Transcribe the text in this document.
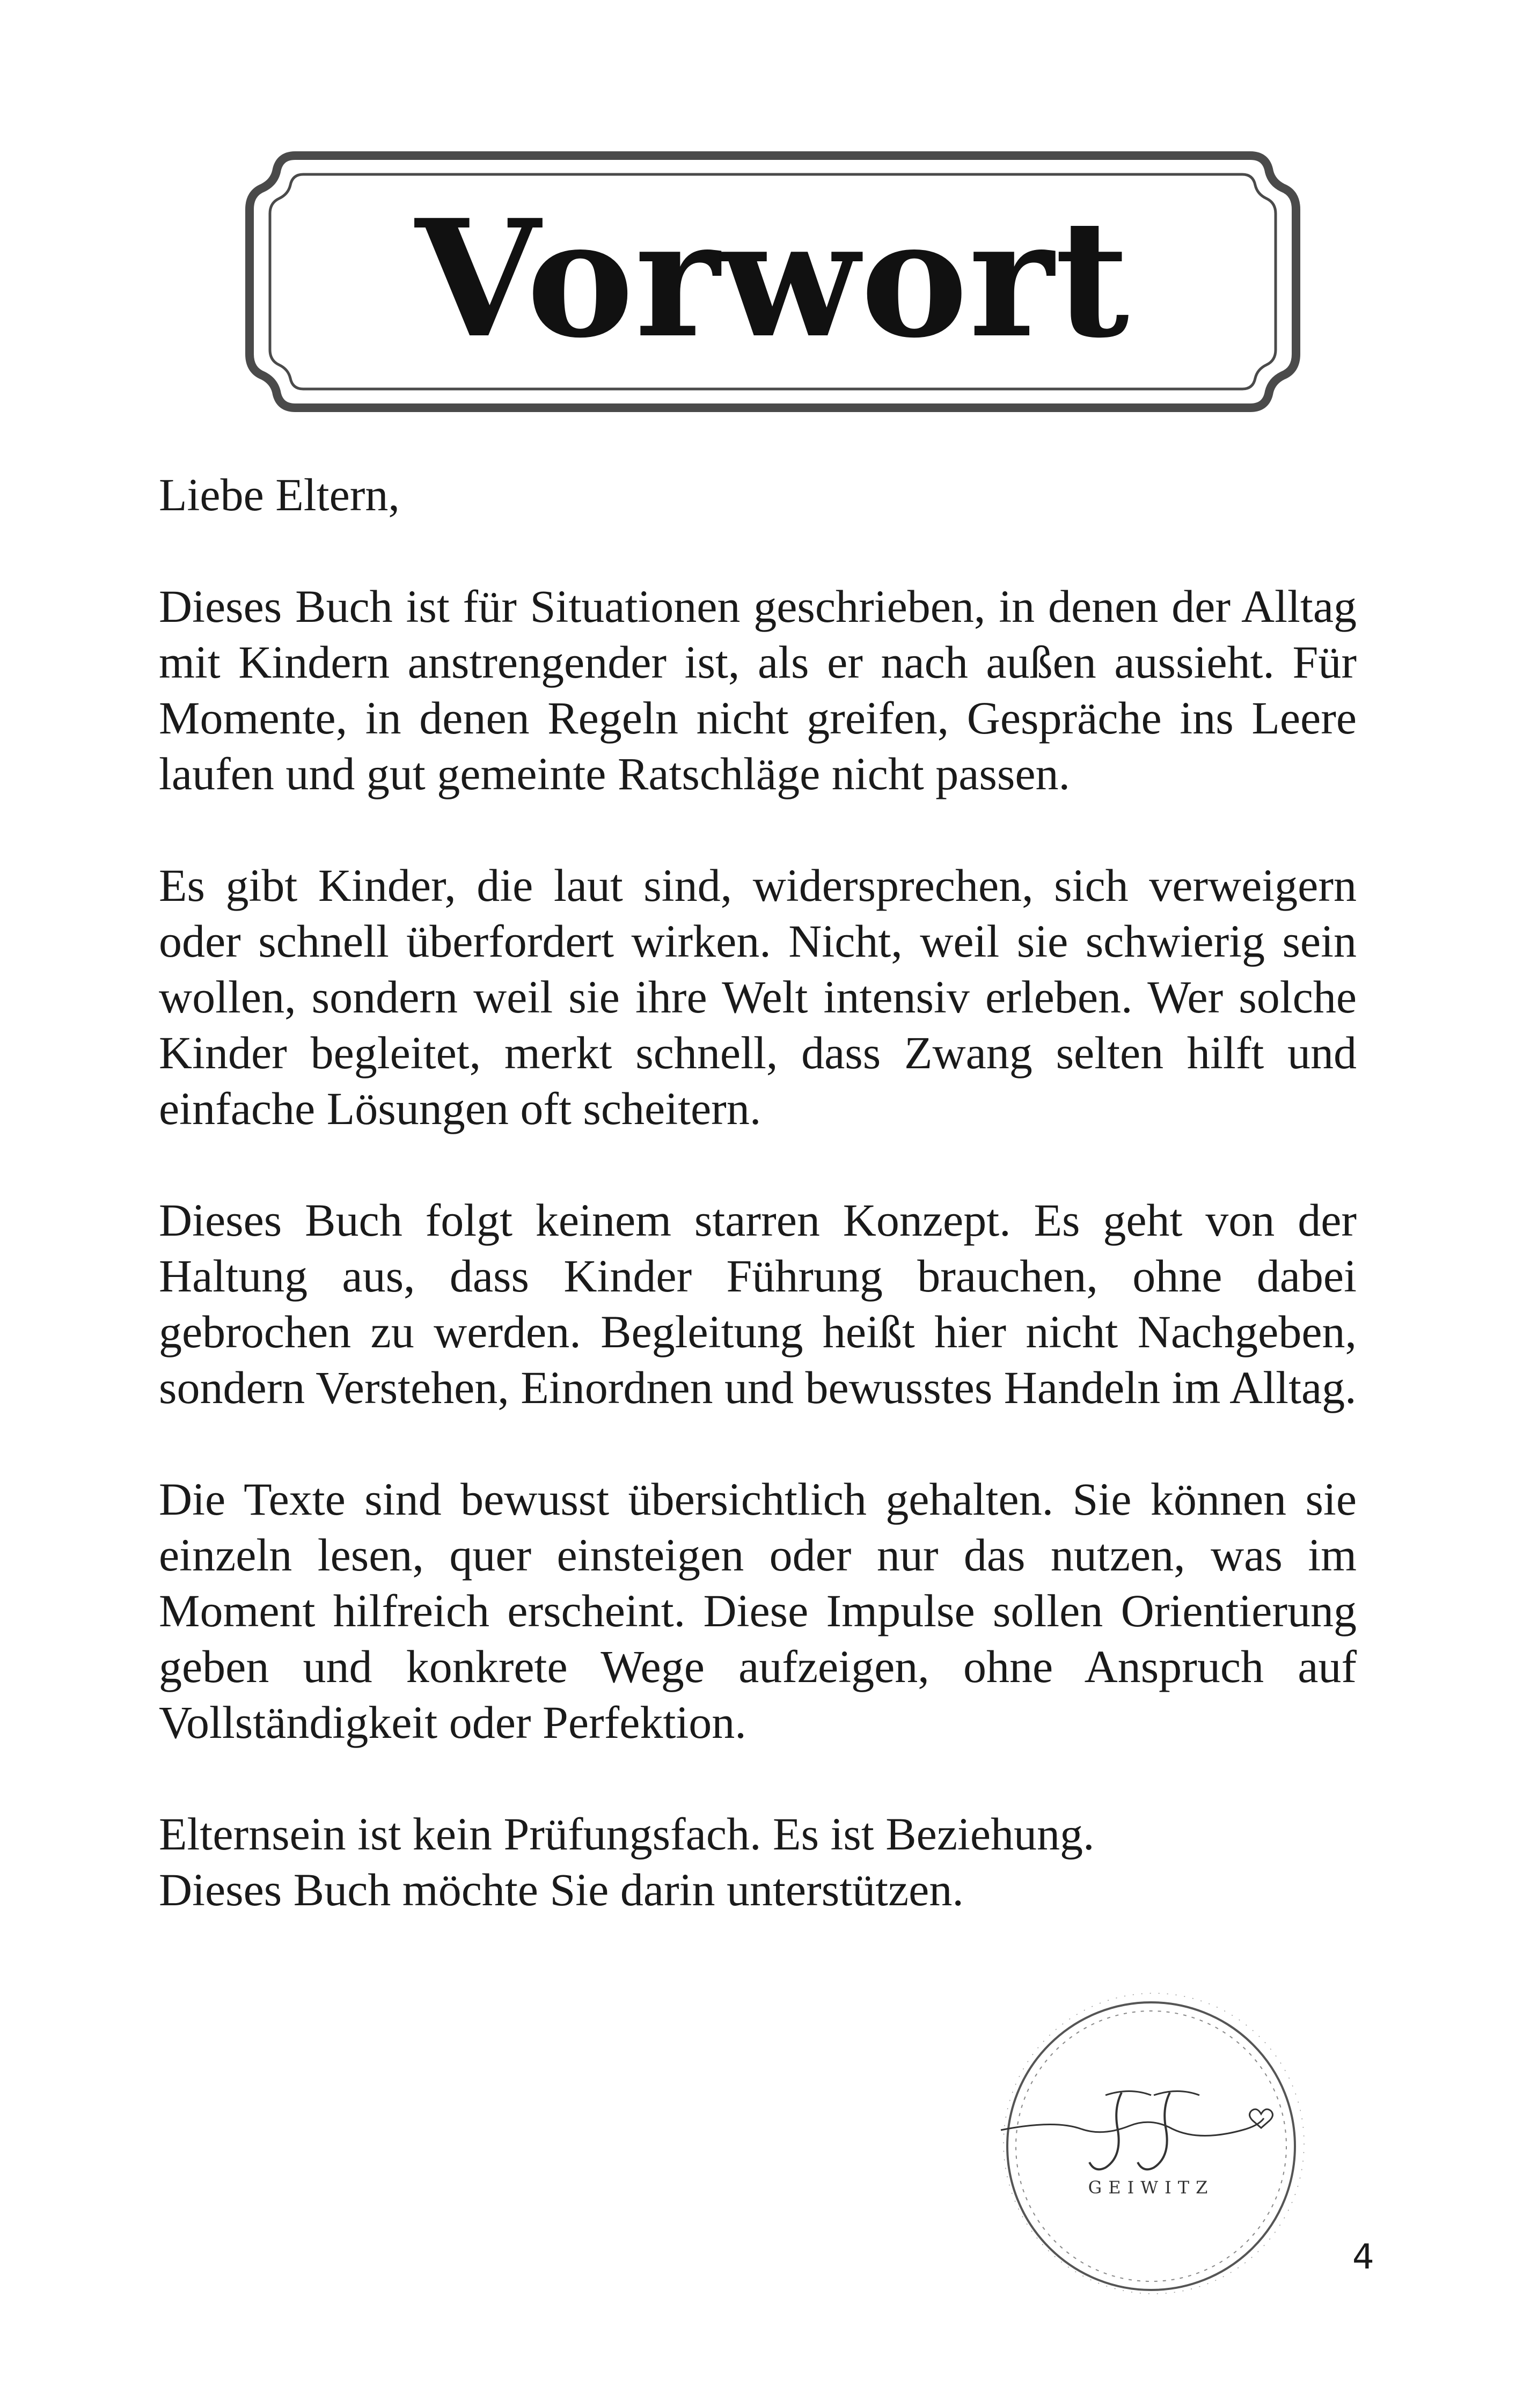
Vorwort

Liebe Eltern,

Dieses Buch ist für Situationen geschrieben, in denen der Alltag mit Kindern anstrengender ist, als er nach außen aussieht. Für Momente, in denen Regeln nicht greifen, Gespräche ins Leere laufen und gut gemeinte Ratschläge nicht passen.

Es gibt Kinder, die laut sind, widersprechen, sich verweigern oder schnell überfordert wirken. Nicht, weil sie schwierig sein wollen, sondern weil sie ihre Welt intensiv erleben. Wer solche Kinder begleitet, merkt schnell, dass Zwang selten hilft und einfache Lösungen oft scheitern.

Dieses Buch folgt keinem starren Konzept. Es geht von der Haltung aus, dass Kinder Führung brauchen, ohne dabei gebrochen zu werden. Begleitung heißt hier nicht Nachgeben, sondern Verstehen, Einordnen und bewusstes Handeln im Alltag.

Die Texte sind bewusst übersichtlich gehalten. Sie können sie einzeln lesen, quer einsteigen oder nur das nutzen, was im Moment hilfreich erscheint. Diese Impulse sollen Orientierung geben und konkrete Wege aufzeigen, ohne Anspruch auf Vollständigkeit oder Perfektion.

Elternsein ist kein Prüfungsfach. Es ist Beziehung.

Dieses Buch möchte Sie darin unterstützen.

GEIWITZ
4
